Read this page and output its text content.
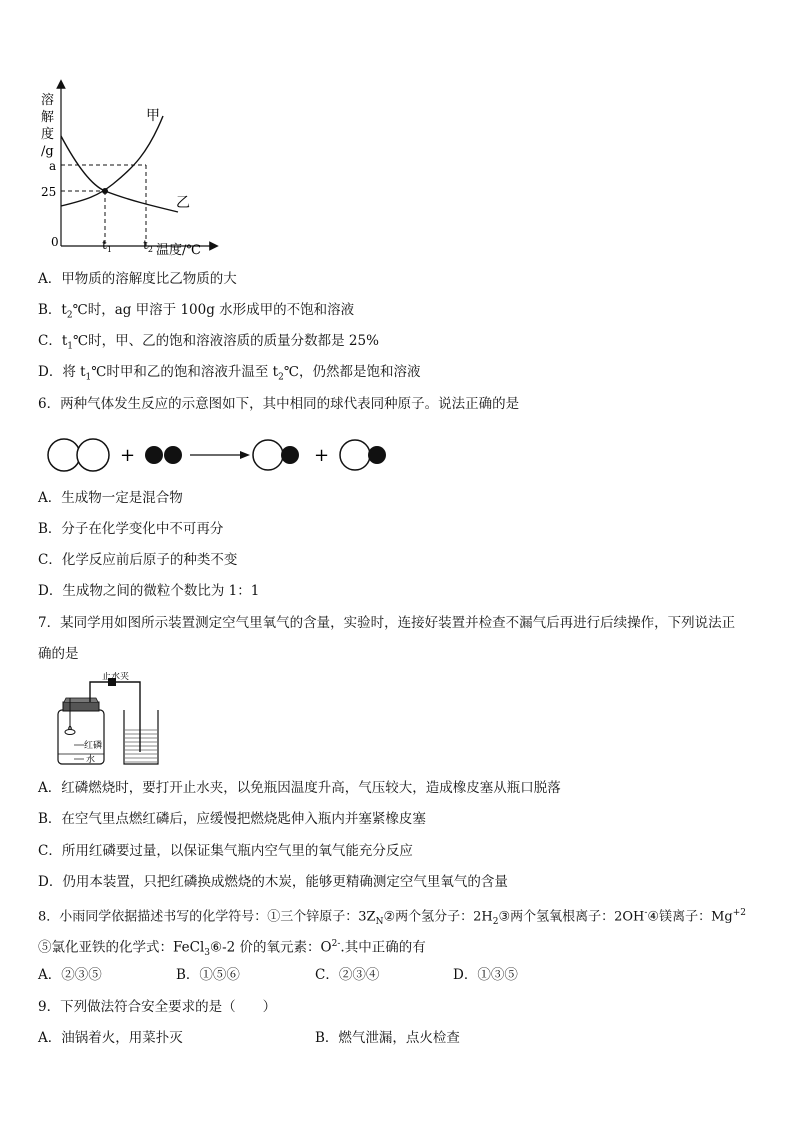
溶
解
度
/g
a
25
0	$t_1$	$t_2$ 温度/℃
甲
乙
A．甲物质的溶解度比乙物质的大
B．$t_2℃$时，ag 甲溶于 100g 水形成甲的不饱和溶液
C．$t_1℃$时，甲、乙的饱和溶液溶质的质量分数都是 25%
D．将 $t_1℃$时甲和乙的饱和溶液升温至 $t_2℃$，仍然都是饱和溶液
6．两种气体发生反应的示意图如下，其中相同的球代表同种原子。说法正确的是
+	+
A．生成物一定是混合物
B．分子在化学变化中不可再分
C．化学反应前后原子的种类不变
D．生成物之间的微粒个数比为 1：1
7．某同学用如图所示装置测定空气里氧气的含量，实验时，连接好装置并检查不漏气后再进行后续操作，下列说法正
确的是
止水夹
红磷
水
A．红磷燃烧时，要打开止水夹，以免瓶因温度升高，气压较大，造成橡皮塞从瓶口脱落
B．在空气里点燃红磷后，应缓慢把燃烧匙伸入瓶内并塞紧橡皮塞
C．所用红磷要过量，以保证集气瓶内空气里的氧气能充分反应
D．仍用本装置，只把红磷换成燃烧的木炭，能够更精确测定空气里氧气的含量
8．小雨同学依据描述书写的化学符号：①三个锌原子：$3Z_N②$两个氢分子：$2H_2③$两个氢氧根离子：2OH-④镁离子：$Mg^{+2}$
⑤氯化亚铁的化学式：FeCl$_3$⑥-2 价的氧元素：$O^{2-}$.其中正确的有
A．②③⑤	B．①⑤⑥	C．②③④	D．①③⑤
9．下列做法符合安全要求的是（　　）
A．油锅着火，用菜扑灭	B．燃气泄漏，点火检查
